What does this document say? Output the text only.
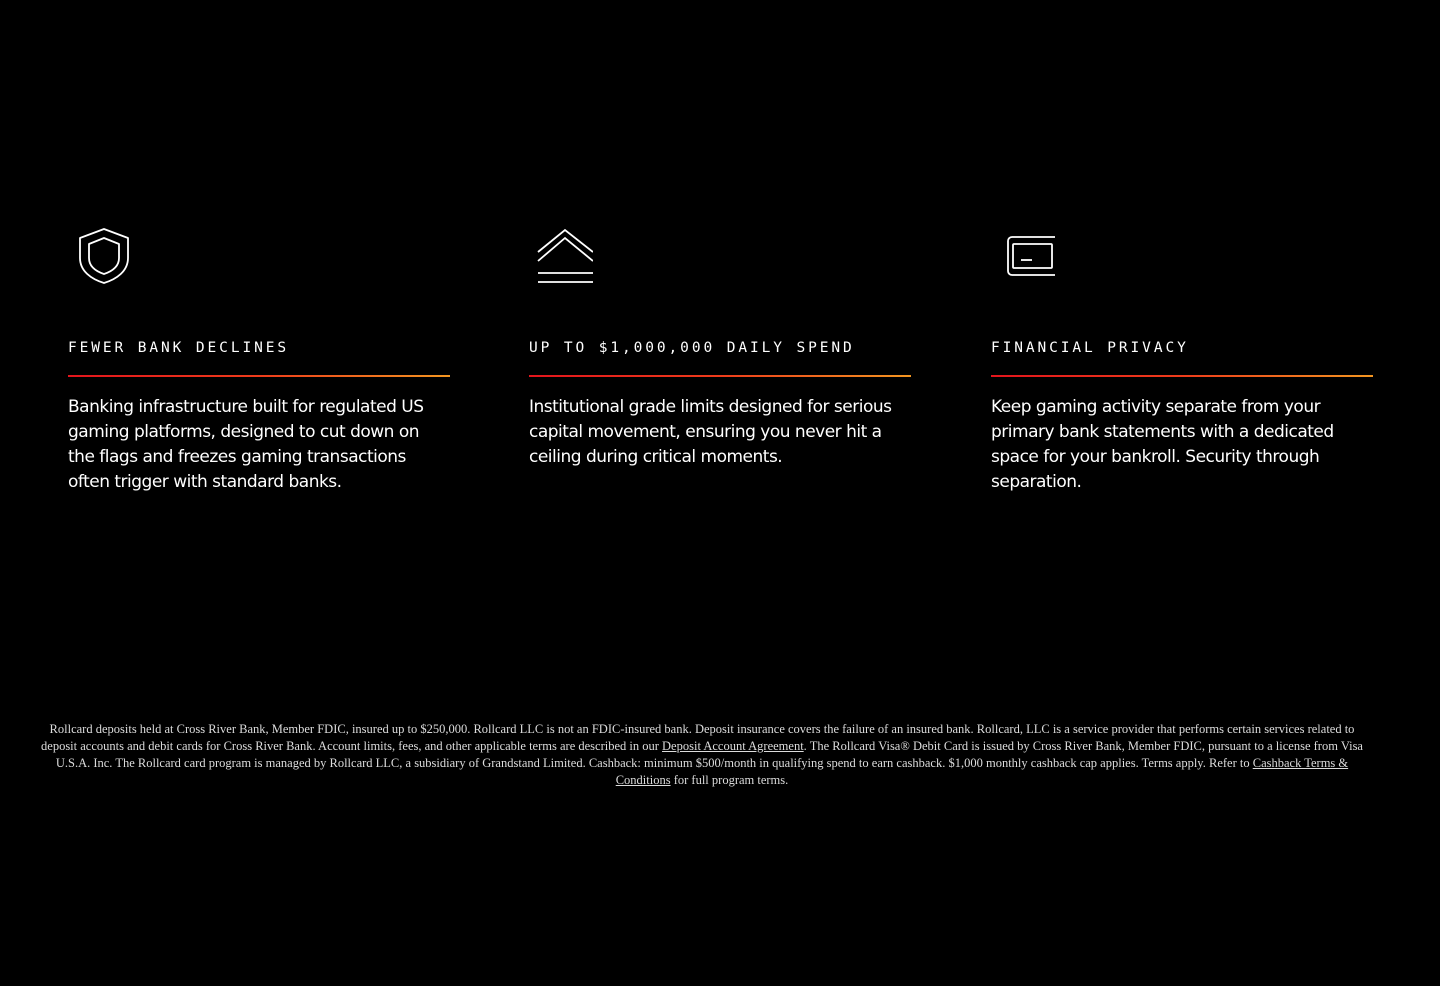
FEWER BANK DECLINES

Banking infrastructure built for regulated US gaming platforms, designed to cut down on the flags and freezes gaming transactions often trigger with standard banks.

UP TO $1,000,000 DAILY SPEND

Institutional grade limits designed for serious capital movement, ensuring you never hit a ceiling during critical moments.

FINANCIAL PRIVACY

Keep gaming activity separate from your primary bank statements with a dedicated space for your bankroll. Security through separation.

Rollcard deposits held at Cross River Bank, Member FDIC, insured up to $250,000. Rollcard LLC is not an FDIC-insured bank. Deposit insurance covers the failure of an insured bank. Rollcard, LLC is a service provider that performs certain services related to deposit accounts and debit cards for Cross River Bank. Account limits, fees, and other applicable terms are described in our Deposit Account Agreement. The Rollcard Visa® Debit Card is issued by Cross River Bank, Member FDIC, pursuant to a license from Visa U.S.A. Inc. The Rollcard card program is managed by Rollcard LLC, a subsidiary of Grandstand Limited. Cashback: minimum $500/month in qualifying spend to earn cashback. $1,000 monthly cashback cap applies. Terms apply. Refer to Cashback Terms & Conditions for full program terms.
